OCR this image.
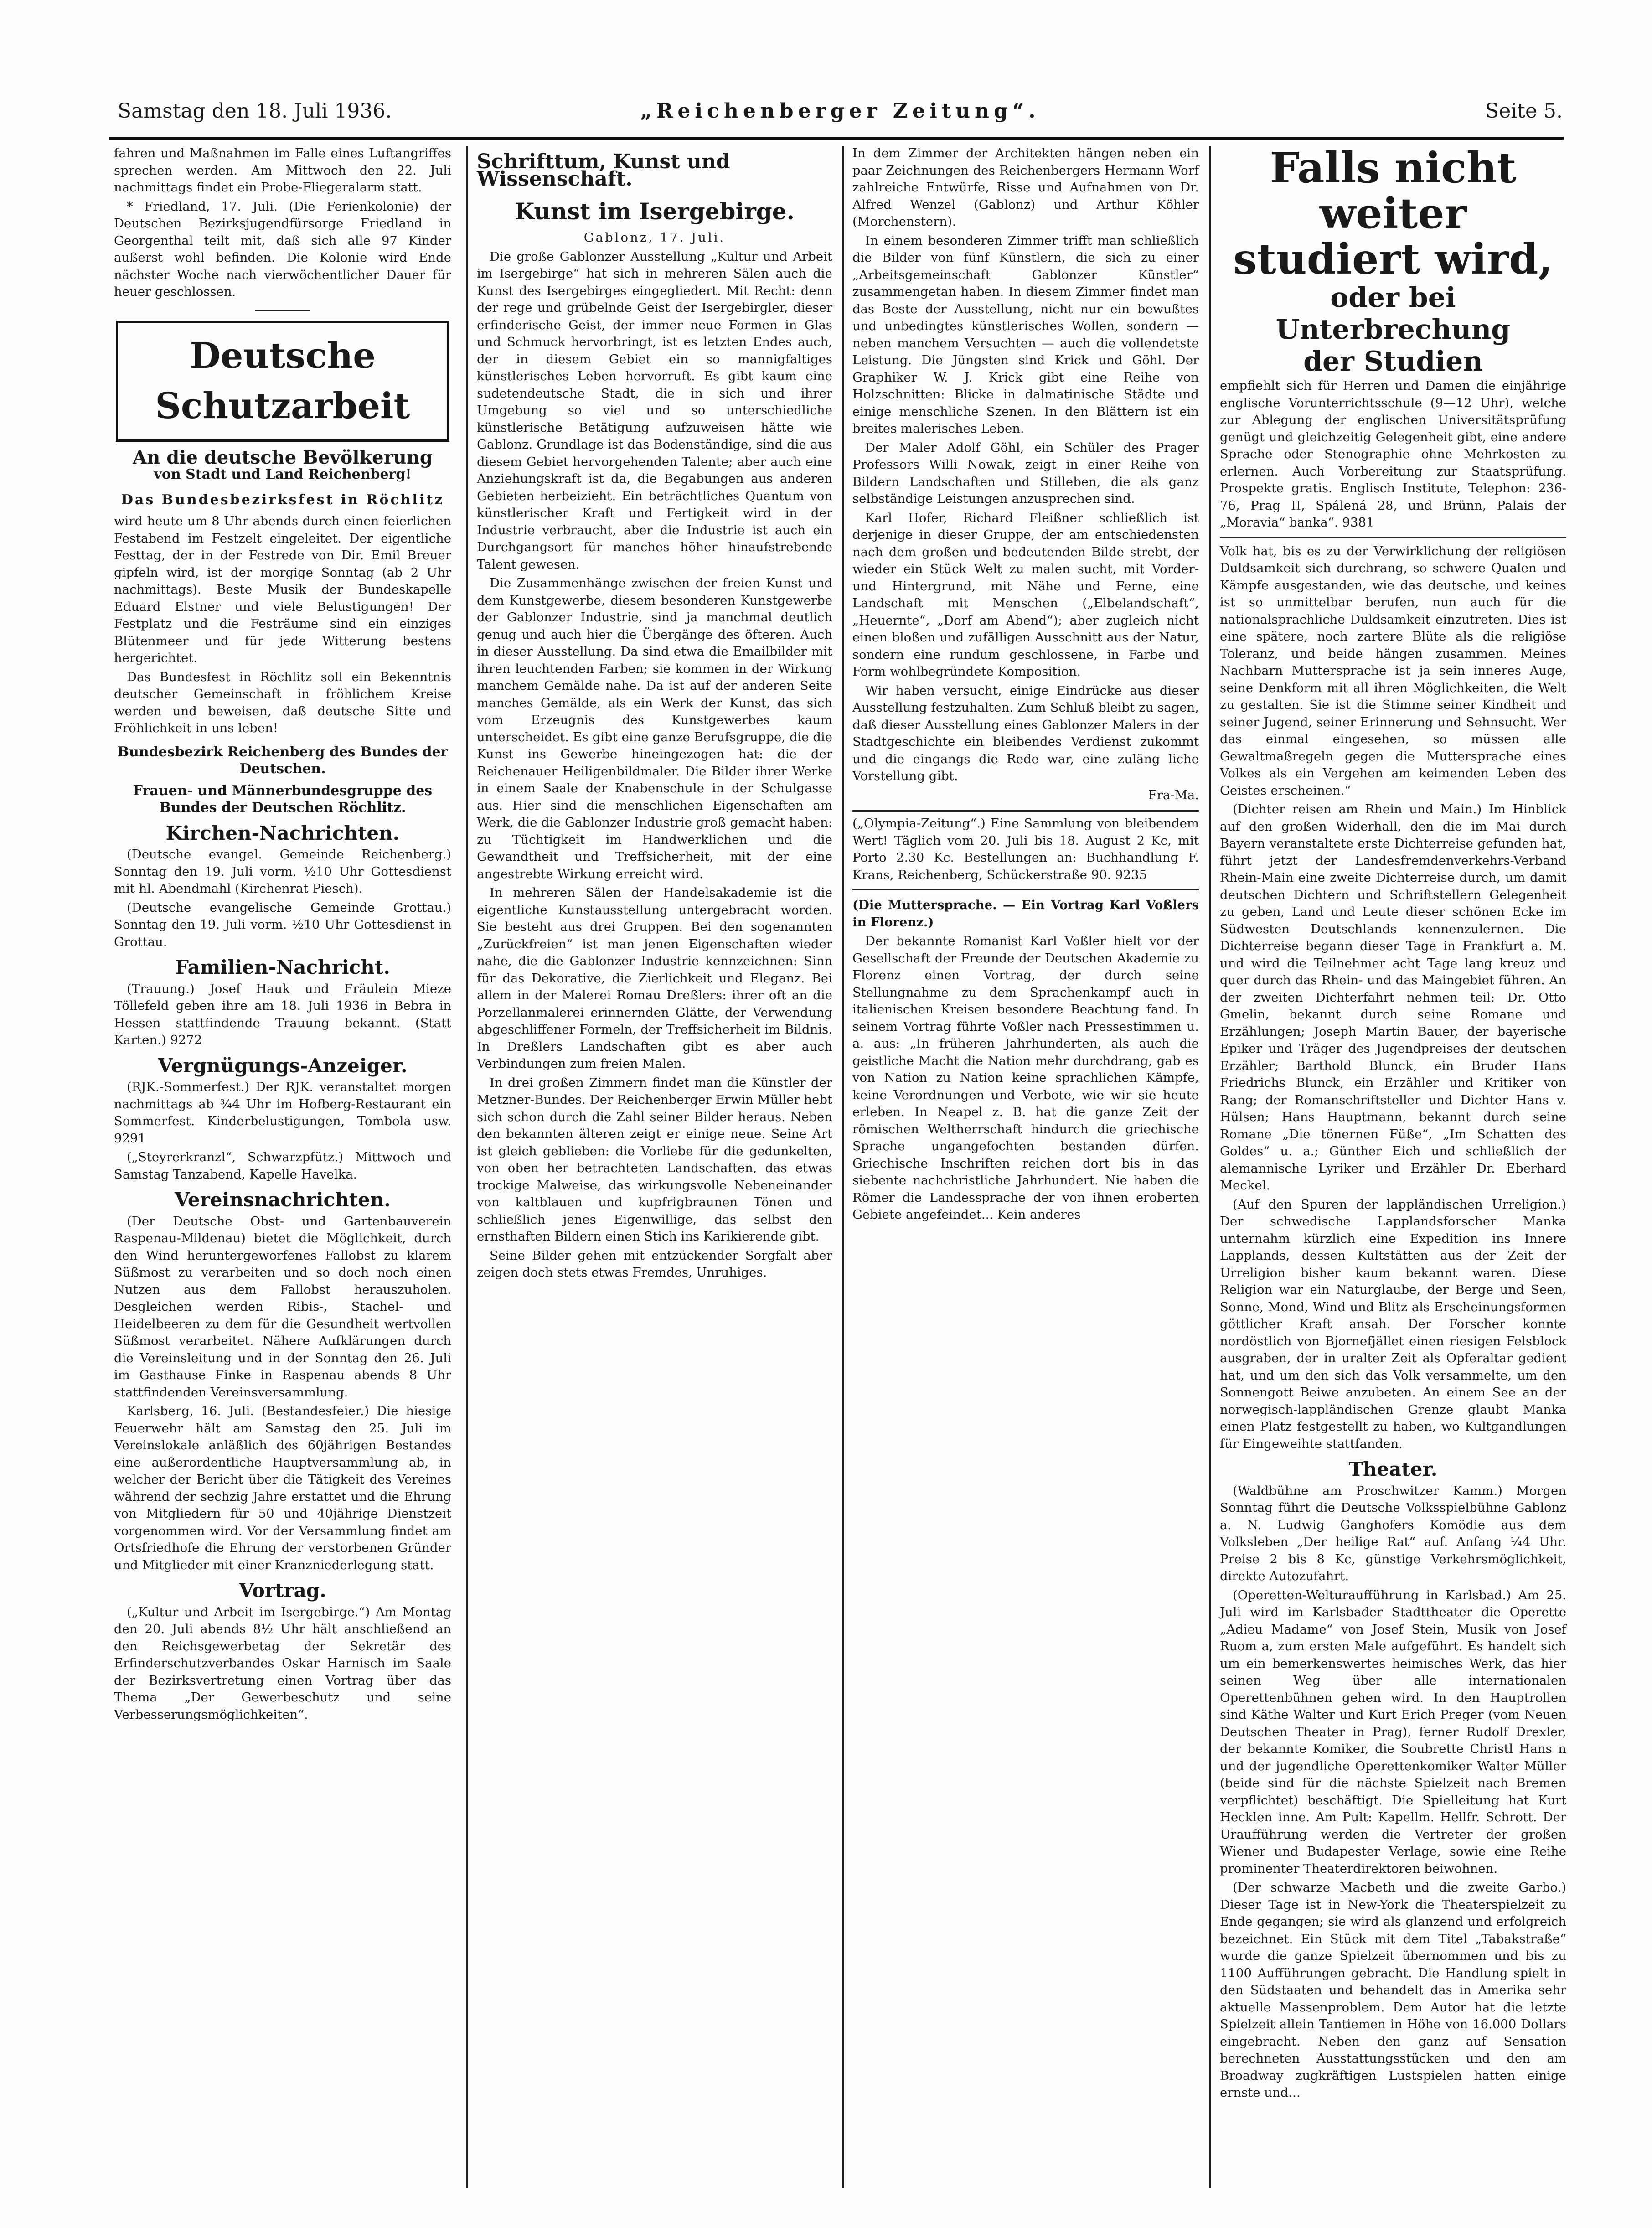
Samstag den 18. Juli 1936.	„Reichenberger Zeitung“.	Seite 5.

fahren und Maßnahmen im Falle eines Luftangriffes sprechen werden. Am Mittwoch den 22. Juli nachmittags findet ein Probe-Fliegeralarm statt.

* Friedland, 17. Juli. (Die Ferienkolonie) der Deutschen Bezirksjugendfürsorge Friedland in Georgenthal teilt mit, daß sich alle 97 Kinder außerst wohl befinden. Die Kolonie wird Ende nächster Woche nach vierwöchentlicher Dauer für heuer geschlossen.

Deutsche Schutzarbeit
An die deutsche Bevölkerung
von Stadt und Land Reichenberg!
Das Bundesbezirksfest in Röchlitz

wird heute um 8 Uhr abends durch einen feierlichen Festabend im Festzelt eingeleitet. Der eigentliche Festtag, der in der Festrede von Dir. Emil Breuer gipfeln wird, ist der morgige Sonntag (ab 2 Uhr nachmittags). Beste Musik der Bundeskapelle Eduard Elstner und viele Belustigungen! Der Festplatz und die Festräume sind ein einziges Blütenmeer und für jede Witterung bestens hergerichtet.

Das Bundesfest in Röchlitz soll ein Bekenntnis deutscher Gemeinschaft in fröhlichem Kreise werden und beweisen, daß deutsche Sitte und Fröhlichkeit in uns leben!

Bundesbezirk Reichenberg des Bundes der Deutschen.
Frauen- und Männerbundesgruppe des Bundes der Deutschen Röchlitz.
Kirchen-Nachrichten.

(Deutsche evangel. Gemeinde Reichenberg.) Sonntag den 19. Juli vorm. ½10 Uhr Gottesdienst mit hl. Abendmahl (Kirchenrat Piesch).

(Deutsche evangelische Gemeinde Grottau.) Sonntag den 19. Juli vorm. ½10 Uhr Gottesdienst in Grottau.

Familien-Nachricht.

(Trauung.) Josef Hauk und Fräulein Mieze Töllefeld geben ihre am 18. Juli 1936 in Bebra in Hessen stattfindende Trauung bekannt. (Statt Karten.) 9272

Vergnügungs-Anzeiger.

(RJK.-Sommerfest.) Der RJK. veranstaltet morgen nachmittags ab ¾4 Uhr im Hofberg-Restaurant ein Sommerfest. Kinderbelustigungen, Tombola usw. 9291

(„Steyrerkranzl“, Schwarzpfütz.) Mittwoch und Samstag Tanzabend, Kapelle Havelka.

Vereinsnachrichten.

(Der Deutsche Obst- und Gartenbauverein Raspenau-Mildenau) bietet die Möglichkeit, durch den Wind heruntergeworfenes Fallobst zu klarem Süßmost zu verarbeiten und so doch noch einen Nutzen aus dem Fallobst herauszuholen. Desgleichen werden Ribis-, Stachel- und Heidelbeeren zu dem für die Gesundheit wertvollen Süßmost verarbeitet. Nähere Aufklärungen durch die Vereinsleitung und in der Sonntag den 26. Juli im Gasthause Finke in Raspenau abends 8 Uhr stattfindenden Vereinsversammlung.

Karlsberg, 16. Juli. (Bestandesfeier.) Die hiesige Feuerwehr hält am Samstag den 25. Juli im Vereinslokale anläßlich des 60jährigen Bestandes eine außerordentliche Hauptversammlung ab, in welcher der Bericht über die Tätigkeit des Vereines während der sechzig Jahre erstattet und die Ehrung von Mitgliedern für 50 und 40jährige Dienstzeit vorgenommen wird. Vor der Versammlung findet am Ortsfriedhofe die Ehrung der verstorbenen Gründer und Mitglieder mit einer Kranzniederlegung statt.

Vortrag.

(„Kultur und Arbeit im Isergebirge.“) Am Montag den 20. Juli abends 8½ Uhr hält anschließend an den Reichsgewerbetag der Sekretär des Erfinderschutzverbandes Oskar Harnisch im Saale der Bezirksvertretung einen Vortrag über das Thema „Der Gewerbeschutz und seine Verbesserungsmöglichkeiten“.

Schrifttum, Kunst und Wissenschaft.
Kunst im Isergebirge.

Gablonz, 17. Juli.

Die große Gablonzer Ausstellung „Kultur und Arbeit im Isergebirge“ hat sich in mehreren Sälen auch die Kunst des Isergebirges eingegliedert. Mit Recht: denn der rege und grübelnde Geist der Isergebirgler, dieser erfinderische Geist, der immer neue Formen in Glas und Schmuck hervorbringt, ist es letzten Endes auch, der in diesem Gebiet ein so mannigfaltiges künstlerisches Leben hervorruft. Es gibt kaum eine sudetendeutsche Stadt, die in sich und ihrer Umgebung so viel und so unterschiedliche künstlerische Betätigung aufzuweisen hätte wie Gablonz. Grundlage ist das Bodenständige, sind die aus diesem Gebiet hervorgehenden Talente; aber auch eine Anziehungskraft ist da, die Begabungen aus anderen Gebieten herbeizieht. Ein beträchtliches Quantum von künstlerischer Kraft und Fertigkeit wird in der Industrie verbraucht, aber die Industrie ist auch ein Durchgangsort für manches höher hinaufstrebende Talent gewesen.

Die Zusammenhänge zwischen der freien Kunst und dem Kunstgewerbe, diesem besonderen Kunstgewerbe der Gablonzer Industrie, sind ja manchmal deutlich genug und auch hier die Übergänge des öfteren. Auch in dieser Ausstellung. Da sind etwa die Emailbilder mit ihren leuchtenden Farben; sie kommen in der Wirkung manchem Gemälde nahe. Da ist auf der anderen Seite manches Gemälde, als ein Werk der Kunst, das sich vom Erzeugnis des Kunstgewerbes kaum unterscheidet. Es gibt eine ganze Berufsgruppe, die die Kunst ins Gewerbe hineingezogen hat: die der Reichenauer Heiligenbildmaler. Die Bilder ihrer Werke in einem Saale der Knabenschule in der Schulgasse aus. Hier sind die menschlichen Eigenschaften am Werk, die die Gablonzer Industrie groß gemacht haben: zu Tüchtigkeit im Handwerklichen und die Gewandtheit und Treffsicherheit, mit der eine angestrebte Wirkung erreicht wird.

In mehreren Sälen der Handelsakademie ist die eigentliche Kunstausstellung untergebracht worden. Sie besteht aus drei Gruppen. Bei den sogenannten „Zurückfreien“ ist man jenen Eigenschaften wieder nahe, die die Gablonzer Industrie kennzeichnen: Sinn für das Dekorative, die Zierlichkeit und Eleganz. Bei allem in der Malerei Romau Dreßlers: ihrer oft an die Porzellanmalerei erinnernden Glätte, der Verwendung abgeschliffener Formeln, der Treffsicherheit im Bildnis. In Dreßlers Landschaften gibt es aber auch Verbindungen zum freien Malen.

In drei großen Zimmern findet man die Künstler der Metzner-Bundes. Der Reichenberger Erwin Müller hebt sich schon durch die Zahl seiner Bilder heraus. Neben den bekannten älteren zeigt er einige neue. Seine Art ist gleich geblieben: die Vorliebe für die gedunkelten, von oben her betrachteten Landschaften, das etwas trockige Malweise, das wirkungsvolle Nebeneinander von kaltblauen und kupfrigbraunen Tönen und schließlich jenes Eigenwillige, das selbst den ernsthaften Bildern einen Stich ins Karikierende gibt.

Seine Bilder gehen mit entzückender Sorgfalt aber zeigen doch stets etwas Fremdes, Unruhiges.

In dem Zimmer der Architekten hängen neben ein paar Zeichnungen des Reichenbergers Hermann Worf zahlreiche Entwürfe, Risse und Aufnahmen von Dr. Alfred Wenzel (Gablonz) und Arthur Köhler (Morchenstern).

In einem besonderen Zimmer trifft man schließlich die Bilder von fünf Künstlern, die sich zu einer „Arbeitsgemeinschaft Gablonzer Künstler“ zusammengetan haben. In diesem Zimmer findet man das Beste der Ausstellung, nicht nur ein bewußtes und unbedingtes künstlerisches Wollen, sondern — neben manchem Versuchten — auch die vollendetste Leistung. Die Jüngsten sind Krick und Göhl. Der Graphiker W. J. Krick gibt eine Reihe von Holzschnitten: Blicke in dalmatinische Städte und einige menschliche Szenen. In den Blättern ist ein breites malerisches Leben.

Der Maler Adolf Göhl, ein Schüler des Prager Professors Willi Nowak, zeigt in einer Reihe von Bildern Landschaften und Stilleben, die als ganz selbständige Leistungen anzusprechen sind.

Karl Hofer, Richard Fleißner schließlich ist derjenige in dieser Gruppe, der am entschiedensten nach dem großen und bedeutenden Bilde strebt, der wieder ein Stück Welt zu malen sucht, mit Vorder- und Hintergrund, mit Nähe und Ferne, eine Landschaft mit Menschen („Elbelandschaft“, „Heuernte“, „Dorf am Abend“); aber zugleich nicht einen bloßen und zufälligen Ausschnitt aus der Natur, sondern eine rundum geschlossene, in Farbe und Form wohlbegründete Komposition.

Wir haben versucht, einige Eindrücke aus dieser Ausstellung festzuhalten. Zum Schluß bleibt zu sagen, daß dieser Ausstellung eines Gablonzer Malers in der Stadtgeschichte ein bleibendes Verdienst zukommt und die eingangs die Rede war, eine zuläng liche Vorstellung gibt.

Fra-Ma.

(„Olympia-Zeitung“.) Eine Sammlung von bleibendem Wert! Täglich vom 20. Juli bis 18. August 2 Kc, mit Porto 2.30 Kc. Bestellungen an: Buchhandlung F. Krans, Reichenberg, Schückerstraße 90. 9235

(Die Muttersprache. — Ein Vortrag Karl Voßlers in Florenz.)

Der bekannte Romanist Karl Voßler hielt vor der Gesellschaft der Freunde der Deutschen Akademie zu Florenz einen Vortrag, der durch seine Stellungnahme zu dem Sprachenkampf auch in italienischen Kreisen besondere Beachtung fand. In seinem Vortrag führte Voßler nach Pressestimmen u. a. aus: „In früheren Jahrhunderten, als auch die geistliche Macht die Nation mehr durchdrang, gab es von Nation zu Nation keine sprachlichen Kämpfe, keine Verordnungen und Verbote, wie wir sie heute erleben. In Neapel z. B. hat die ganze Zeit der römischen Weltherrschaft hindurch die griechische Sprache ungangefochten bestanden dürfen. Griechische Inschriften reichen dort bis in das siebente nachchristliche Jahrhundert. Nie haben die Römer die Landessprache der von ihnen eroberten Gebiete angefeindet... Kein anderes

Falls nicht weiter
studiert wird,
oder bei Unterbrechung
der Studien

empfiehlt sich für Herren und Damen die einjährige englische Vorunterrichtsschule (9—12 Uhr), welche zur Ablegung der englischen Universitätsprüfung genügt und gleichzeitig Gelegenheit gibt, eine andere Sprache oder Stenographie ohne Mehrkosten zu erlernen. Auch Vorbereitung zur Staatsprüfung. Prospekte gratis. Englisch Institute, Telephon: 236-76, Prag II, Spálená 28, und Brünn, Palais der „Moravia“ banka“. 9381

Volk hat, bis es zu der Verwirklichung der religiösen Duldsamkeit sich durchrang, so schwere Qualen und Kämpfe ausgestanden, wie das deutsche, und keines ist so unmittelbar berufen, nun auch für die nationalsprachliche Duldsamkeit einzutreten. Dies ist eine spätere, noch zartere Blüte als die religiöse Toleranz, und beide hängen zusammen. Meines Nachbarn Muttersprache ist ja sein inneres Auge, seine Denkform mit all ihren Möglichkeiten, die Welt zu gestalten. Sie ist die Stimme seiner Kindheit und seiner Jugend, seiner Erinnerung und Sehnsucht. Wer das einmal eingesehen, so müssen alle Gewaltmaßregeln gegen die Muttersprache eines Volkes als ein Vergehen am keimenden Leben des Geistes erscheinen.“

(Dichter reisen am Rhein und Main.) Im Hinblick auf den großen Widerhall, den die im Mai durch Bayern veranstaltete erste Dichterreise gefunden hat, führt jetzt der Landesfremdenverkehrs-Verband Rhein-Main eine zweite Dichterreise durch, um damit deutschen Dichtern und Schriftstellern Gelegenheit zu geben, Land und Leute dieser schönen Ecke im Südwesten Deutschlands kennenzulernen. Die Dichterreise begann dieser Tage in Frankfurt a. M. und wird die Teilnehmer acht Tage lang kreuz und quer durch das Rhein- und das Maingebiet führen. An der zweiten Dichterfahrt nehmen teil: Dr. Otto Gmelin, bekannt durch seine Romane und Erzählungen; Joseph Martin Bauer, der bayerische Epiker und Träger des Jugendpreises der deutschen Erzähler; Barthold Blunck, ein Bruder Hans Friedrichs Blunck, ein Erzähler und Kritiker von Rang; der Romanschriftsteller und Dichter Hans v. Hülsen; Hans Hauptmann, bekannt durch seine Romane „Die tönernen Füße“, „Im Schatten des Goldes“ u. a.; Günther Eich und schließlich der alemannische Lyriker und Erzähler Dr. Eberhard Meckel.

(Auf den Spuren der lappländischen Urreligion.) Der schwedische Lapplandsforscher Manka unternahm kürzlich eine Expedition ins Innere Lapplands, dessen Kultstätten aus der Zeit der Urreligion bisher kaum bekannt waren. Diese Religion war ein Naturglaube, der Berge und Seen, Sonne, Mond, Wind und Blitz als Erscheinungsformen göttlicher Kraft ansah. Der Forscher konnte nordöstlich von Bjornefjället einen riesigen Felsblock ausgraben, der in uralter Zeit als Opferaltar gedient hat, und um den sich das Volk versammelte, um den Sonnengott Beiwe anzubeten. An einem See an der norwegisch-lappländischen Grenze glaubt Manka einen Platz festgestellt zu haben, wo Kultgandlungen für Eingeweihte stattfanden.

Theater.

(Waldbühne am Proschwitzer Kamm.) Morgen Sonntag führt die Deutsche Volksspielbühne Gablonz a. N. Ludwig Ganghofers Komödie aus dem Volksleben „Der heilige Rat“ auf. Anfang ¼4 Uhr. Preise 2 bis 8 Kc, günstige Verkehrsmöglichkeit, direkte Autozufahrt.

(Operetten-Welturaufführung in Karlsbad.) Am 25. Juli wird im Karlsbader Stadttheater die Operette „Adieu Madame“ von Josef Stein, Musik von Josef Ruom a, zum ersten Male aufgeführt. Es handelt sich um ein bemerkenswertes heimisches Werk, das hier seinen Weg über alle internationalen Operettenbühnen gehen wird. In den Hauptrollen sind Käthe Walter und Kurt Erich Preger (vom Neuen Deutschen Theater in Prag), ferner Rudolf Drexler, der bekannte Komiker, die Soubrette Christl Hans n und der jugendliche Operettenkomiker Walter Müller (beide sind für die nächste Spielzeit nach Bremen verpflichtet) beschäftigt. Die Spielleitung hat Kurt Hecklen inne. Am Pult: Kapellm. Hellfr. Schrott. Der Uraufführung werden die Vertreter der großen Wiener und Budapester Verlage, sowie eine Reihe prominenter Theaterdirektoren beiwohnen.

(Der schwarze Macbeth und die zweite Garbo.) Dieser Tage ist in New-York die Theaterspielzeit zu Ende gegangen; sie wird als glanzend und erfolgreich bezeichnet. Ein Stück mit dem Titel „Tabakstraße“ wurde die ganze Spielzeit übernommen und bis zu 1100 Aufführungen gebracht. Die Handlung spielt in den Südstaaten und behandelt das in Amerika sehr aktuelle Massenproblem. Dem Autor hat die letzte Spielzeit allein Tantiemen in Höhe von 16.000 Dollars eingebracht. Neben den ganz auf Sensation berechneten Ausstattungsstücken und den am Broadway zugkräftigen Lustspielen hatten einige ernste und...
